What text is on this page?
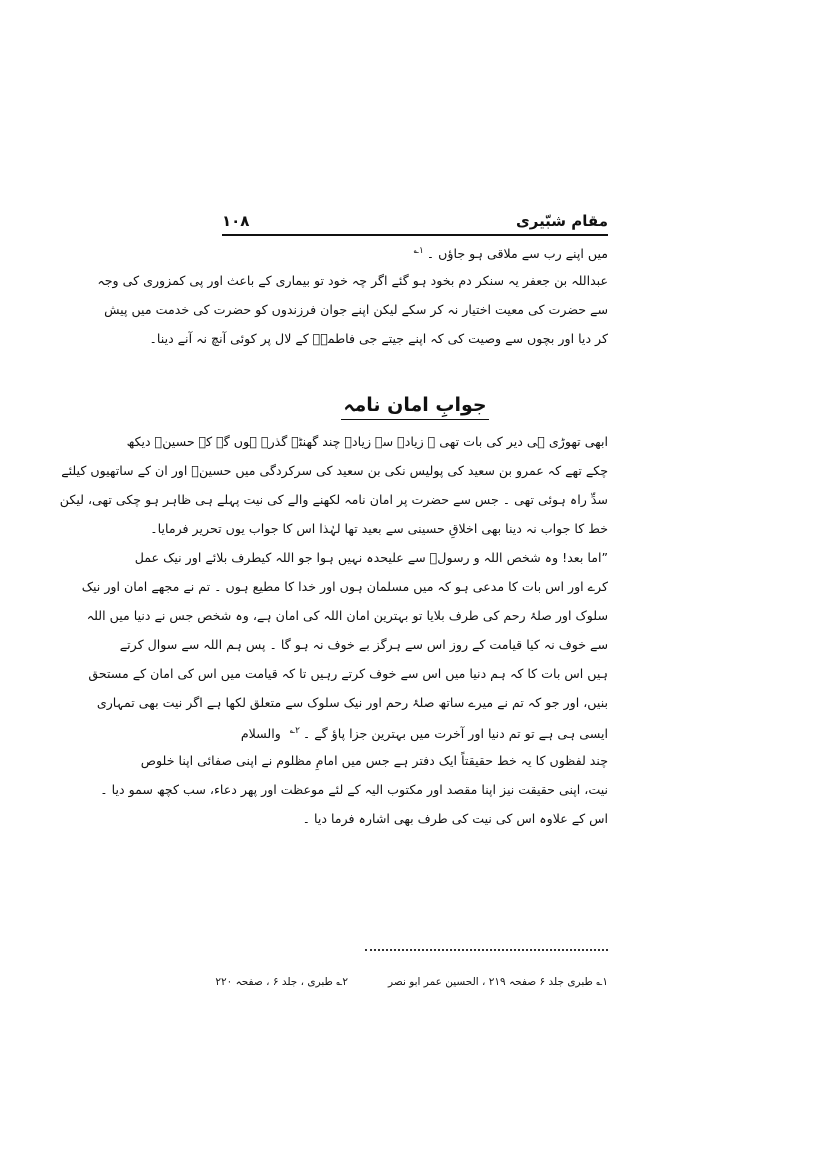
۱۰۸	مقام شبّیری
میں اپنے رب سے ملاقی ہو جاؤں ۔$^{۱؎}$
عبداللہ بن جعفر یہ سنکر دم بخود ہو گئے اگر چہ خود تو بیماری کے باعث اور پی کمزوری کی وجہ
سے حضرت کی معیت اختیار نہ کر سکے لیکن اپنے جوان فرزندوں کو حضرت کی خدمت میں پیش
کر دیا اور بچوں سے وصیت کی کہ اپنے جیتے جی فاطمہؑ کے لال پر کوئی آنچ نہ آنے دینا۔
جوابِ امان نامہ
ابھی تھوڑی ہی دیر کی بات تھی ۔ زیادہ سے زیادہ چند گھنٹے گذرے ہوں گے کہ حسینؑ دیکھ
چکے تھے کہ عمرو بن سعید کی پولیس نکی بن سعید کی سرکردگی میں حسینؑ اور ان کے ساتھیوں کیلئے
سدِّ راہ ہوئی تھی ۔ جس سے حضرت پر امان نامہ لکھنے والے کی نیت پہلے ہی ظاہر ہو چکی تھی، لیکن
خط کا جواب نہ دینا بھی اخلاقِ حسینی سے بعید تھا لہٰذا اس کا جواب یوں تحریر فرمایا۔
”اما بعد! وہ شخص اللہ و رسولؐ سے علیحدہ نہیں ہوا جو اللہ کیطرف بلائے اور نیک عمل
کرے اور اس بات کا مدعی ہو کہ میں مسلمان ہوں اور خدا کا مطیع ہوں ۔ تم نے مجھے امان اور نیک
سلوک اور صلۂ رحم کی طرف بلایا تو بہترین امان اللہ کی امان ہے، وہ شخص جس نے دنیا میں اللہ
سے خوف نہ کیا قیامت کے روز اس سے ہرگز بے خوف نہ ہو گا ۔ پس ہم اللہ سے سوال کرتے
ہیں اس بات کا کہ ہم دنیا میں اس سے خوف کرتے رہیں تا کہ قیامت میں اس کی امان کے مستحق
بنیں، اور جو کہ تم نے میرے ساتھ صلۂ رحم اور نیک سلوک سے متعلق لکھا ہے اگر نیت بھی تمہاری
ایسی ہی ہے تو تم دنیا اور آخرت میں بہترین جزا پاؤ گے ۔$^{۲؎}$والسلام
چند لفظوں کا یہ خط حقیقتاً ایک دفتر ہے جس میں امامِ مظلوم نے اپنی صفائی اپنا خلوص
نیت، اپنی حقیقت نیز اپنا مقصد اور مکتوب الیہ کے لئے موعظت اور پھر دعاء، سب کچھ سمو دیا ۔
اس کے علاوہ اس کی نیت کی طرف بھی اشارہ فرما دیا ۔
۱؎ طبری جلد ۶ صفحہ ۲۱۹ ، الحسین عمر ابو نصر
۲؎ طبری ، جلد ۶ ، صفحہ ۲۲۰
